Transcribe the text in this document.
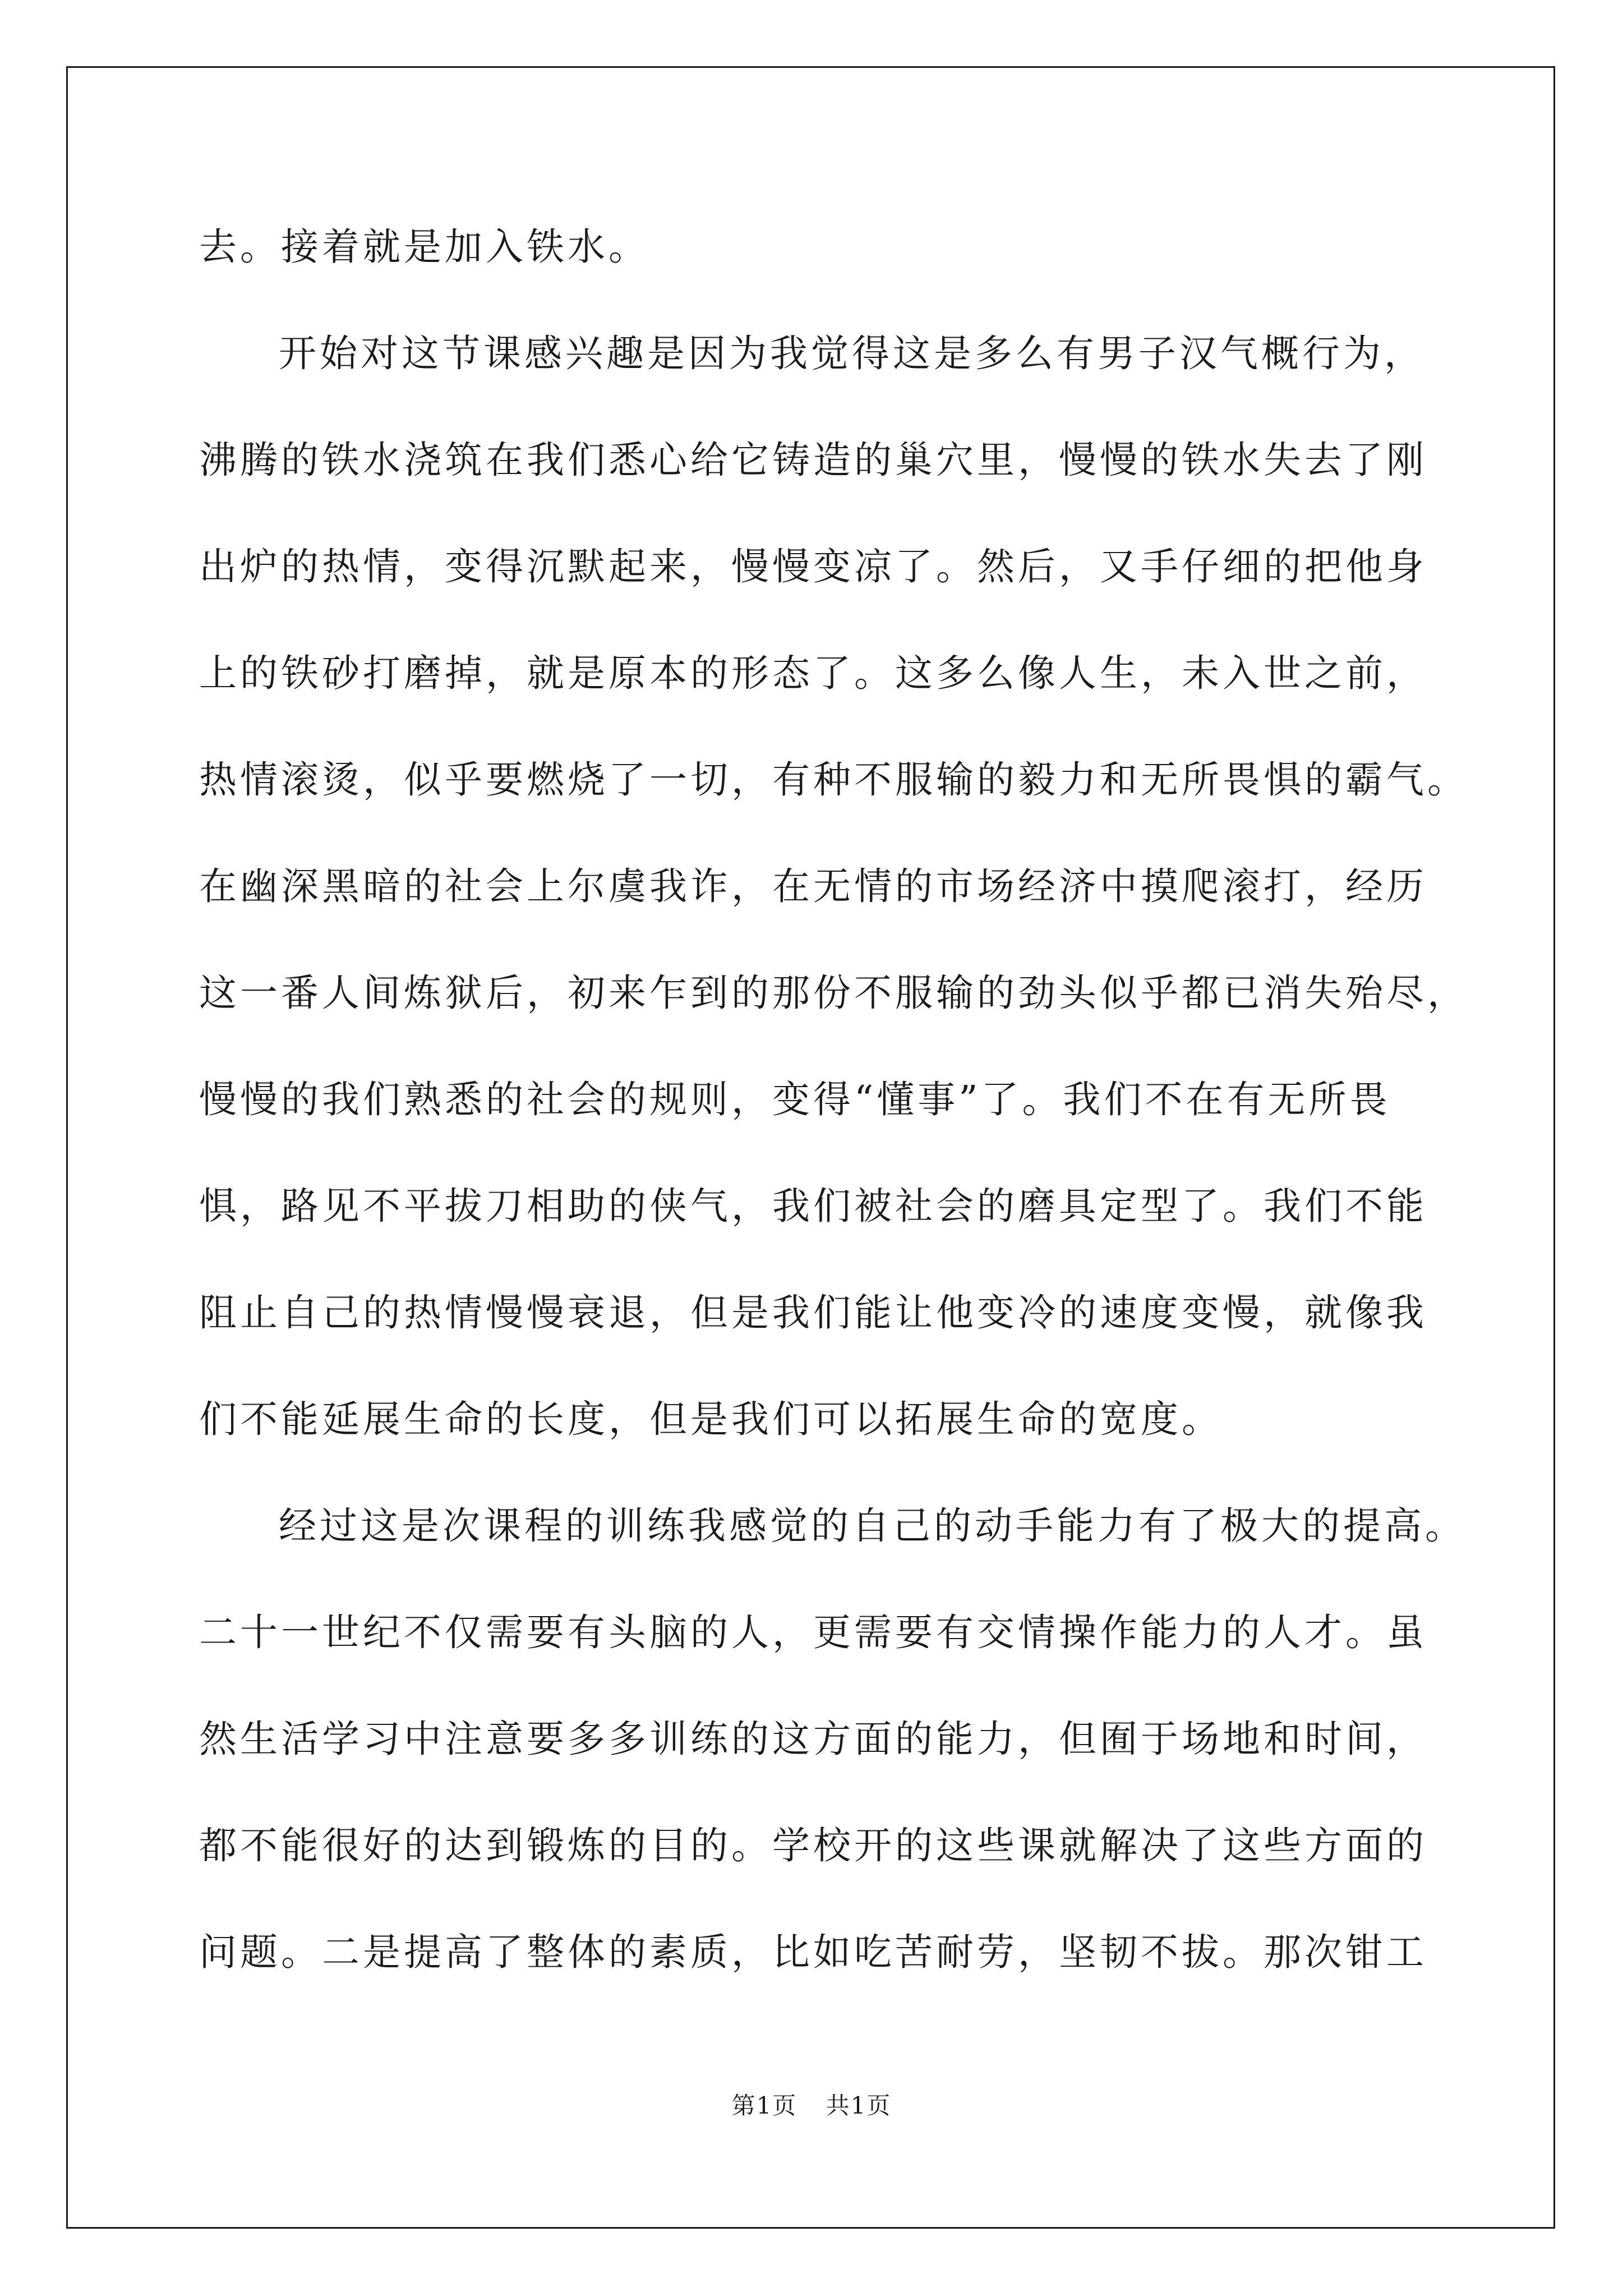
去。接着就是加入铁水。
开始对这节课感兴趣是因为我觉得这是多么有男子汉气概行为，
沸腾的铁水浇筑在我们悉心给它铸造的巢穴里，慢慢的铁水失去了刚
出炉的热情，变得沉默起来，慢慢变凉了。然后，又手仔细的把他身
上的铁砂打磨掉，就是原本的形态了。这多么像人生，未入世之前，
热情滚烫，似乎要燃烧了一切，有种不服输的毅力和无所畏惧的霸气。
在幽深黑暗的社会上尔虞我诈，在无情的市场经济中摸爬滚打，经历
这一番人间炼狱后，初来乍到的那份不服输的劲头似乎都已消失殆尽，
慢慢的我们熟悉的社会的规则，变得“懂事”了。我们不在有无所畏
惧，路见不平拔刀相助的侠气，我们被社会的磨具定型了。我们不能
阻止自己的热情慢慢衰退，但是我们能让他变冷的速度变慢，就像我
们不能延展生命的长度，但是我们可以拓展生命的宽度。
经过这是次课程的训练我感觉的自己的动手能力有了极大的提高。
二十一世纪不仅需要有头脑的人，更需要有交情操作能力的人才。虽
然生活学习中注意要多多训练的这方面的能力，但囿于场地和时间，
都不能很好的达到锻炼的目的。学校开的这些课就解决了这些方面的
问题。二是提高了整体的素质，比如吃苦耐劳，坚韧不拔。那次钳工
第1页 共1页
